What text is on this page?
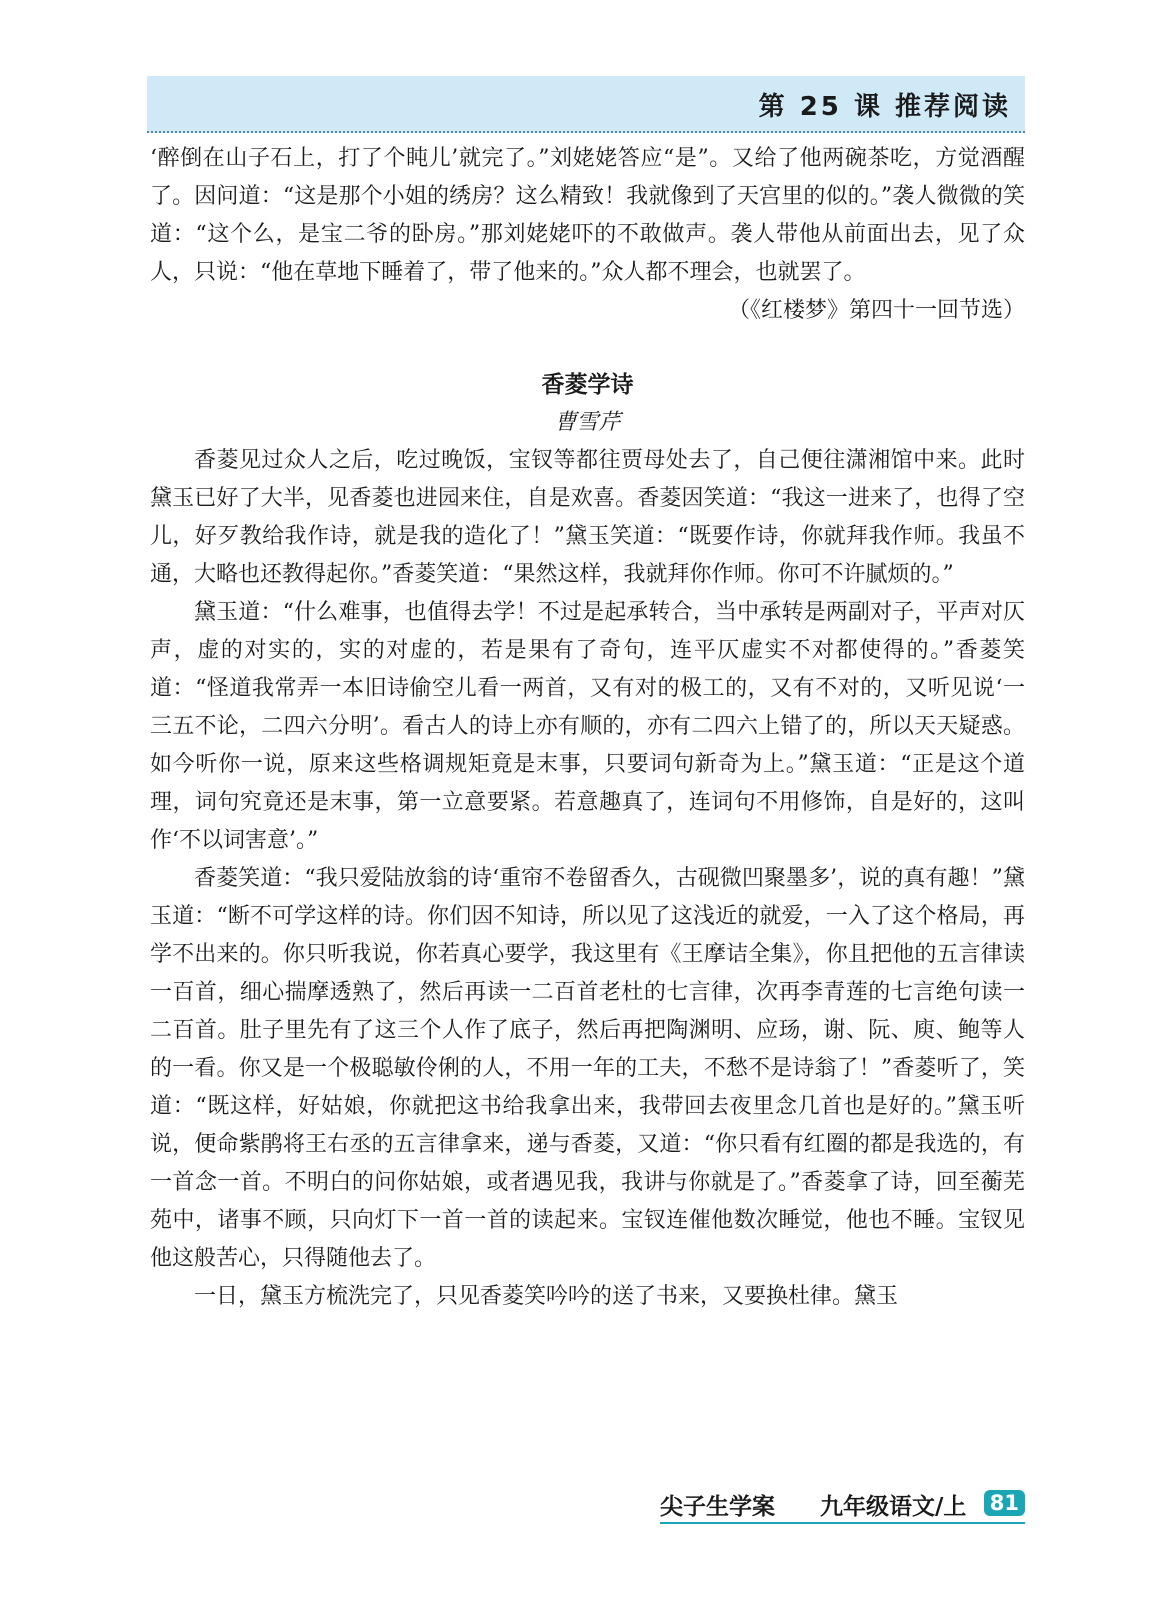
第 25 课 推荐阅读

‘醉倒在山子石上，打了个盹儿’就完了。”刘姥姥答应“是”。又给了他两碗茶吃，方觉酒醒了。因问道：“这是那个小姐的绣房？这么精致！我就像到了天宫里的似的。”袭人微微的笑道：“这个么，是宝二爷的卧房。”那刘姥姥吓的不敢做声。袭人带他从前面出去，见了众人，只说：“他在草地下睡着了，带了他来的。”众人都不理会，也就罢了。

（《红楼梦》第四十一回节选）

香菱学诗
曹雪芹

香菱见过众人之后，吃过晚饭，宝钗等都往贾母处去了，自己便往潇湘馆中来。此时黛玉已好了大半，见香菱也进园来住，自是欢喜。香菱因笑道：“我这一进来了，也得了空儿，好歹教给我作诗，就是我的造化了！”黛玉笑道：“既要作诗，你就拜我作师。我虽不通，大略也还教得起你。”香菱笑道：“果然这样，我就拜你作师。你可不许腻烦的。”

黛玉道：“什么难事，也值得去学！不过是起承转合，当中承转是两副对子，平声对仄声，虚的对实的，实的对虚的，若是果有了奇句，连平仄虚实不对都使得的。”香菱笑道：“怪道我常弄一本旧诗偷空儿看一两首，又有对的极工的，又有不对的，又听见说‘一三五不论，二四六分明’。看古人的诗上亦有顺的，亦有二四六上错了的，所以天天疑惑。如今听你一说，原来这些格调规矩竟是末事，只要词句新奇为上。”黛玉道：“正是这个道理，词句究竟还是末事，第一立意要紧。若意趣真了，连词句不用修饰，自是好的，这叫作‘不以词害意’。”

香菱笑道：“我只爱陆放翁的诗‘重帘不卷留香久，古砚微凹聚墨多’，说的真有趣！”黛玉道：“断不可学这样的诗。你们因不知诗，所以见了这浅近的就爱，一入了这个格局，再学不出来的。你只听我说，你若真心要学，我这里有《王摩诘全集》，你且把他的五言律读一百首，细心揣摩透熟了，然后再读一二百首老杜的七言律，次再李青莲的七言绝句读一二百首。肚子里先有了这三个人作了底子，然后再把陶渊明、应玚，谢、阮、庾、鲍等人的一看。你又是一个极聪敏伶俐的人，不用一年的工夫，不愁不是诗翁了！”香菱听了，笑道：“既这样，好姑娘，你就把这书给我拿出来，我带回去夜里念几首也是好的。”黛玉听说，便命紫鹃将王右丞的五言律拿来，递与香菱，又道：“你只看有红圈的都是我选的，有一首念一首。不明白的问你姑娘，或者遇见我，我讲与你就是了。”香菱拿了诗，回至蘅芜苑中，诸事不顾，只向灯下一首一首的读起来。宝钗连催他数次睡觉，他也不睡。宝钗见他这般苦心，只得随他去了。

一日，黛玉方梳洗完了，只见香菱笑吟吟的送了书来，又要换杜律。黛玉

尖子生学案 九年级语文/上 81
